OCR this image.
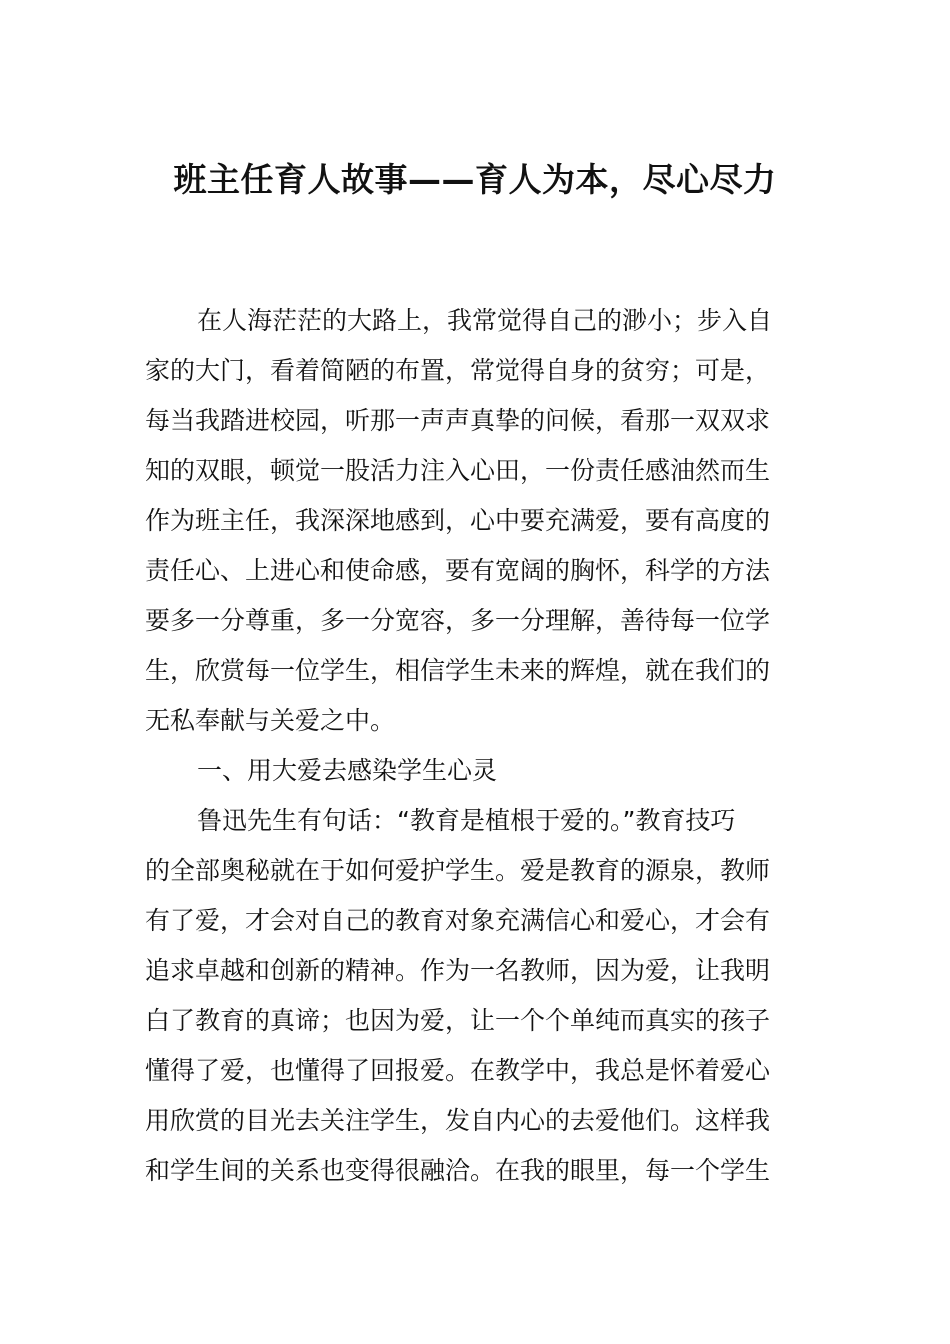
班主任育人故事——育人为本，尽心尽力
在人海茫茫的大路上，我常觉得自己的渺小；步入自
家的大门，看着简陋的布置，常觉得自身的贫穷；可是，
每当我踏进校园，听那一声声真挚的问候，看那一双双求
知的双眼，顿觉一股活力注入心田，一份责任感油然而生
作为班主任，我深深地感到，心中要充满爱，要有高度的
责任心、上进心和使命感，要有宽阔的胸怀，科学的方法
要多一分尊重，多一分宽容，多一分理解，善待每一位学
生，欣赏每一位学生，相信学生未来的辉煌，就在我们的
无私奉献与关爱之中。
一、用大爱去感染学生心灵
鲁迅先生有句话：“教育是植根于爱的。”教育技巧
的全部奥秘就在于如何爱护学生。爱是教育的源泉，教师
有了爱，才会对自己的教育对象充满信心和爱心，才会有
追求卓越和创新的精神。作为一名教师，因为爱，让我明
白了教育的真谛；也因为爱，让一个个单纯而真实的孩子
懂得了爱，也懂得了回报爱。在教学中，我总是怀着爱心
用欣赏的目光去关注学生，发自内心的去爱他们。这样我
和学生间的关系也变得很融洽。在我的眼里，每一个学生
